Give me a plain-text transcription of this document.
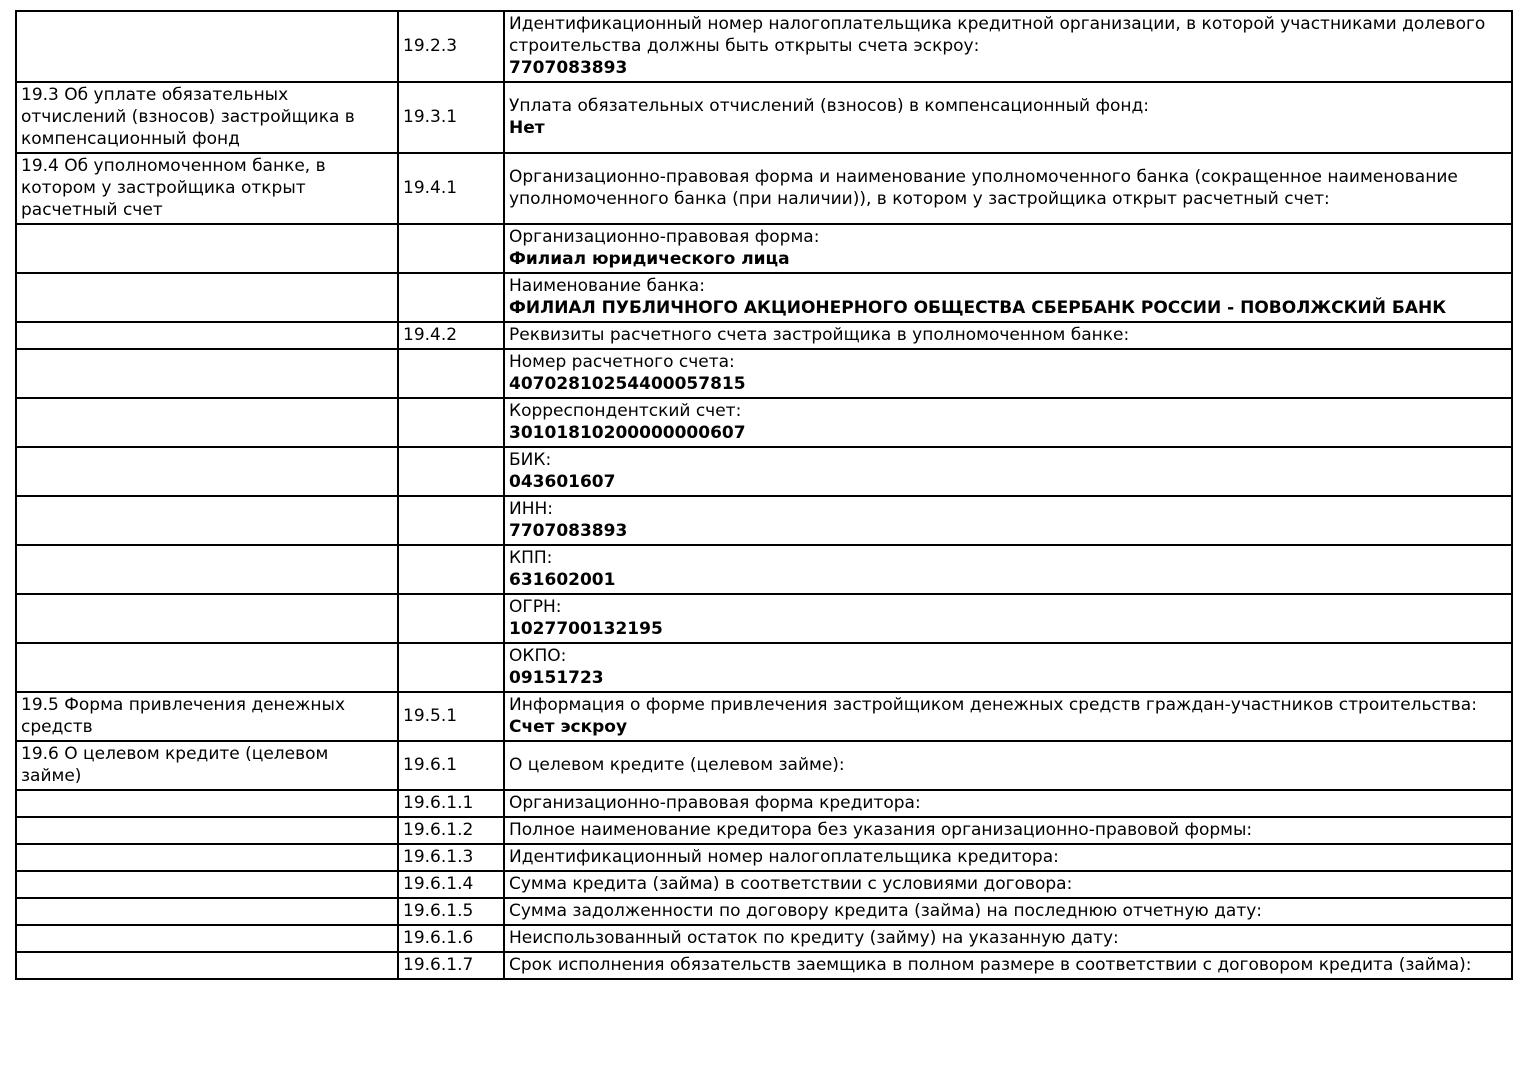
	19.2.3	Идентификационный номер налогоплательщика кредитной организации, в которой участниками долевого строительства должны быть открыты счета эскроу:
7707083893

19.3 Об уплате обязательных отчислений (взносов) застройщика в компенсационный фонд	19.3.1	Уплата обязательных отчислений (взносов) в компенсационный фонд:
Нет

19.4 Об уполномоченном банке, в котором у застройщика открыт расчетный счет	19.4.1	Организационно-правовая форма и наименование уполномоченного банка (сокращенное наименование уполномоченного банка (при наличии)), в котором у застройщика открыт расчетный счет:

		Организационно-правовая форма:
Филиал юридического лица

		Наименование банка:
ФИЛИАЛ ПУБЛИЧНОГО АКЦИОНЕРНОГО ОБЩЕСТВА СБЕРБАНК РОССИИ - ПОВОЛЖСКИЙ БАНК

	19.4.2	Реквизиты расчетного счета застройщика в уполномоченном банке:

		Номер расчетного счета:
40702810254400057815

		Корреспондентский счет:
30101810200000000607

		БИК:
043601607

		ИНН:
7707083893

		КПП:
631602001

		ОГРН:
1027700132195

		ОКПО:
09151723

19.5 Форма привлечения денежных средств	19.5.1	Информация о форме привлечения застройщиком денежных средств граждан-участников строительства:
Счет эскроу

19.6 О целевом кредите (целевом займе)	19.6.1	О целевом кредите (целевом займе):

	19.6.1.1	Организационно-правовая форма кредитора:

	19.6.1.2	Полное наименование кредитора без указания организационно-правовой формы:

	19.6.1.3	Идентификационный номер налогоплательщика кредитора:

	19.6.1.4	Сумма кредита (займа) в соответствии с условиями договора:

	19.6.1.5	Сумма задолженности по договору кредита (займа) на последнюю отчетную дату:

	19.6.1.6	Неиспользованный остаток по кредиту (займу) на указанную дату:

	19.6.1.7	Срок исполнения обязательств заемщика в полном размере в соответствии с договором кредита (займа):
